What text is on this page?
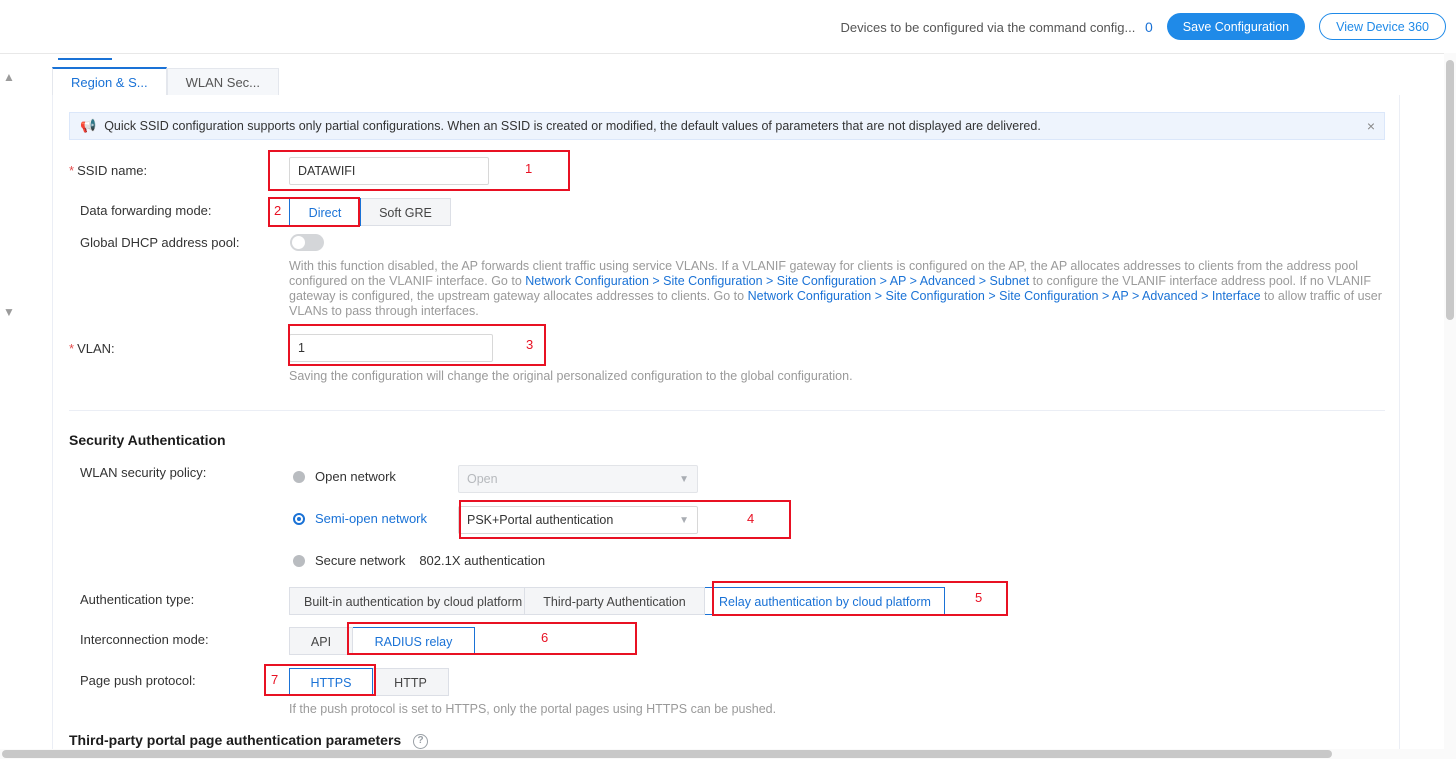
Devices to be configured via the command config... 0	Save Configuration	View Device 360
▲
▼
Region & S...	WLAN Sec...
📢 Quick SSID configuration supports only partial configurations. When an SSID is created or modified, the default values of parameters that are not displayed are delivered.	×
* SSID name:
DATAWIFI
Data forwarding mode:	Direct	Soft GRE
Global DHCP address pool:
With this function disabled, the AP forwards client traffic using service VLANs. If a VLANIF gateway for clients is configured on the AP, the AP allocates addresses to clients from the address pool configured on the VLANIF interface. Go to Network Configuration > Site Configuration > Site Configuration > AP > Advanced > Subnet to configure the VLANIF interface address pool. If no VLANIF gateway is configured, the upstream gateway allocates addresses to clients. Go to Network Configuration > Site Configuration > Site Configuration > AP > Advanced > Interface to allow traffic of user VLANs to pass through interfaces.
* VLAN:
1
Saving the configuration will change the original personalized configuration to the global configuration.
Security Authentication
WLAN security policy:	Open network	Open	▼
Semi-open network	PSK+Portal authentication	▼
Secure network 802.1X authentication
Authentication type:	Built-in authentication by cloud platform	Third-party Authentication	Relay authentication by cloud platform
Interconnection mode:	API	RADIUS relay
Page push protocol:	HTTPS	HTTP
If the push protocol is set to HTTPS, only the portal pages using HTTPS can be pushed.
Third-party portal page authentication parameters ?
1
2
3
4
5
6
7
